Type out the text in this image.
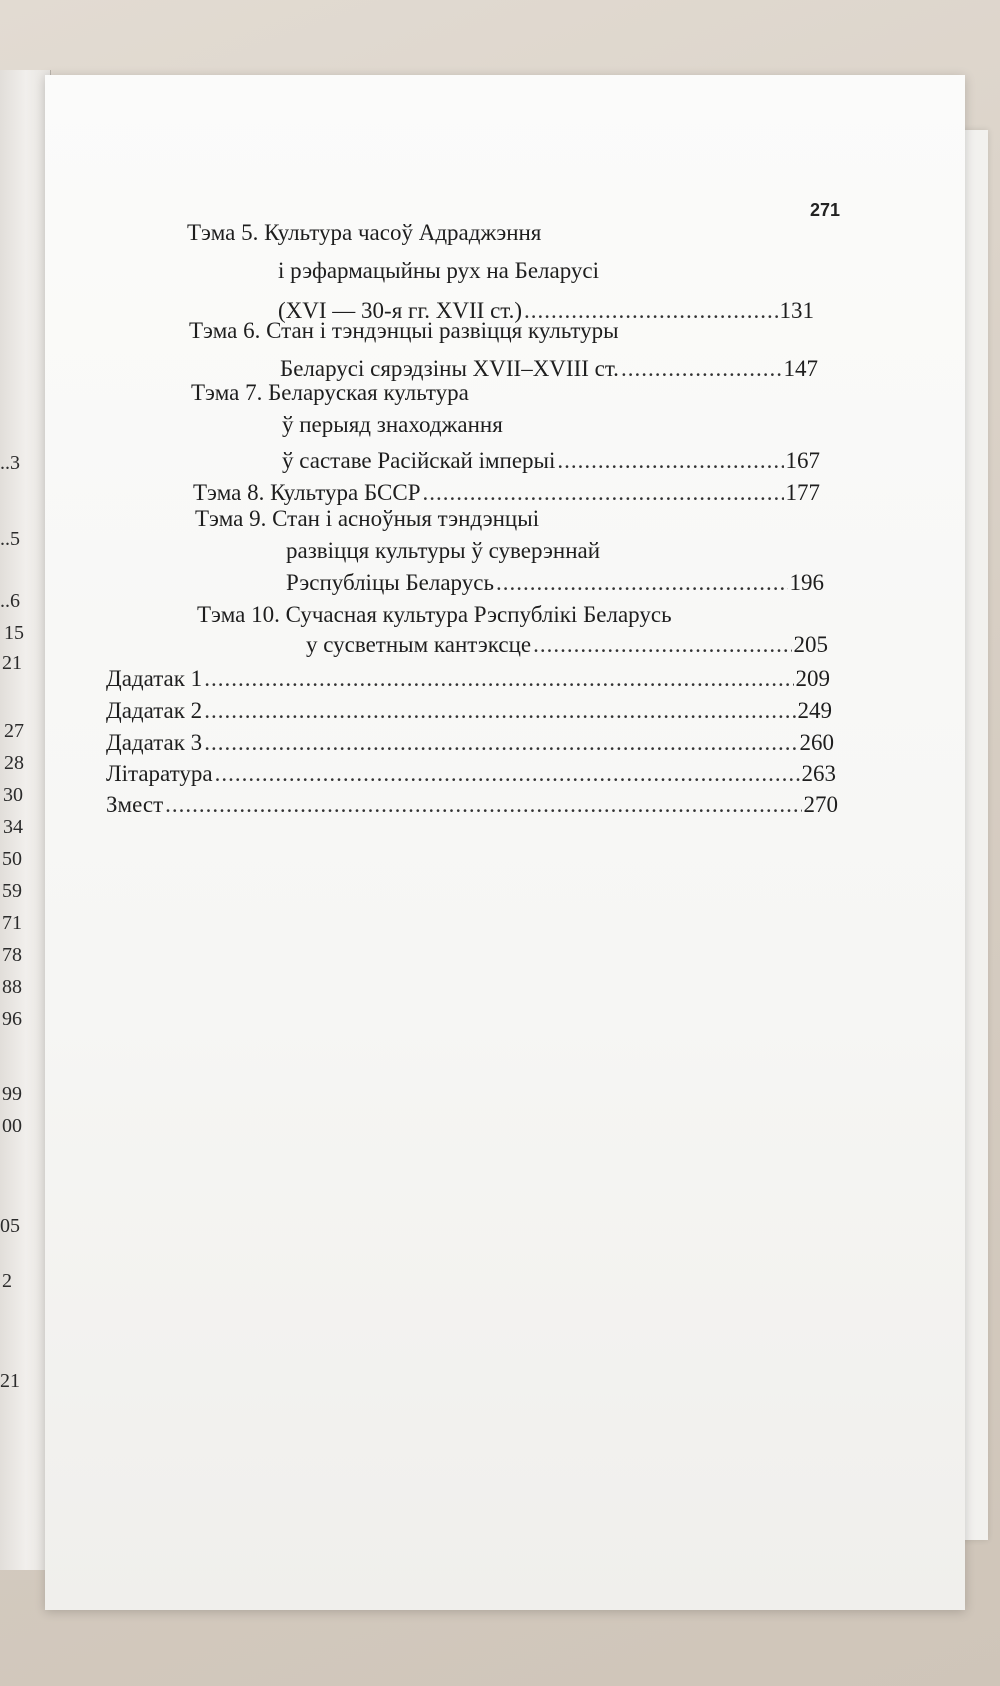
..3
..5
..6
15
21
27
28
30
34
50
59
71
78
88
96
99
00
05
2
21
271
Тэма 5. Культура часоў Адраджэння
і рэфармацыйны рух на Беларусі
(XVI — 30-я гг. XVII ст.) .....	131
Тэма 6. Стан і тэндэнцыі развіцця культуры
Беларусі сярэдзіны XVII–XVIII ст. .....	147
Тэма 7. Беларуская культура
ў перыяд знаходжання
ў саставе Расійскай імперыі .....	167
Тэма 8. Культура БССР .....	177
Тэма 9. Стан і асноўныя тэндэнцыі
развіцця культуры ў суверэннай
Рэспубліцы Беларусь .....	196
Тэма 10. Сучасная культура Рэспублікі Беларусь
у сусветным кантэксце .....	205
Дадатак 1 .....	209
Дадатак 2 .....	249
Дадатак 3 .....	260
Літаратура .....	263
Змест .....	270
